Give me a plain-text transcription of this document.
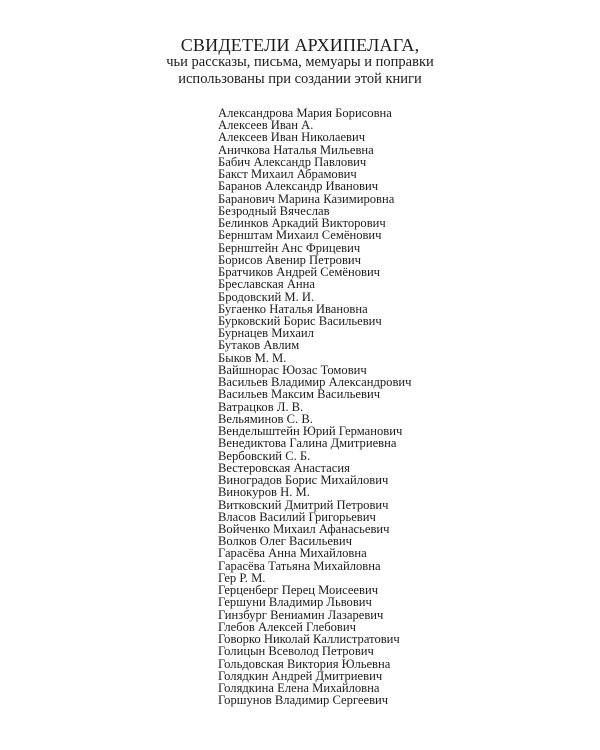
СВИДЕТЕЛИ АРХИПЕЛАГА,
чьи рассказы, письма, мемуары и поправки
использованы при создании этой книги
Александрова Мария Борисовна
Алексеев Иван А.
Алексеев Иван Николаевич
Аничкова Наталья Мильевна
Бабич Александр Павлович
Бакст Михаил Абрамович
Баранов Александр Иванович
Баранович Марина Казимировна
Безродный Вячеслав
Белинков Аркадий Викторович
Бернштам Михаил Семёнович
Бернштейн Анс Фрицевич
Борисов Авенир Петрович
Братчиков Андрей Семёнович
Бреславская Анна
Бродовский М. И.
Бугаенко Наталья Ивановна
Бурковский Борис Васильевич
Бурнацев Михаил
Бутаков Авлим
Быков М. М.
Вайшнорас Юозас Томович
Васильев Владимир Александрович
Васильев Максим Васильевич
Ватрацков Л. В.
Вельяминов С. В.
Венделыштейн Юрий Германович
Венедиктова Галина Дмитриевна
Вербовский С. Б.
Вестеровская Анастасия
Виноградов Борис Михайлович
Винокуров Н. М.
Витковский Дмитрий Петрович
Власов Василий Григорьевич
Войченко Михаил Афанасьевич
Волков Олег Васильевич
Гарасёва Анна Михайловна
Гарасёва Татьяна Михайловна
Гер Р. М.
Герценберг Перец Моисеевич
Гершуни Владимир Львович
Гинзбург Вениамин Лазаревич
Глебов Алексей Глебович
Говорко Николай Каллистратович
Голицын Всеволод Петрович
Гольдовская Виктория Юльевна
Голядкин Андрей Дмитриевич
Голядкина Елена Михайловна
Горшунов Владимир Сергеевич
